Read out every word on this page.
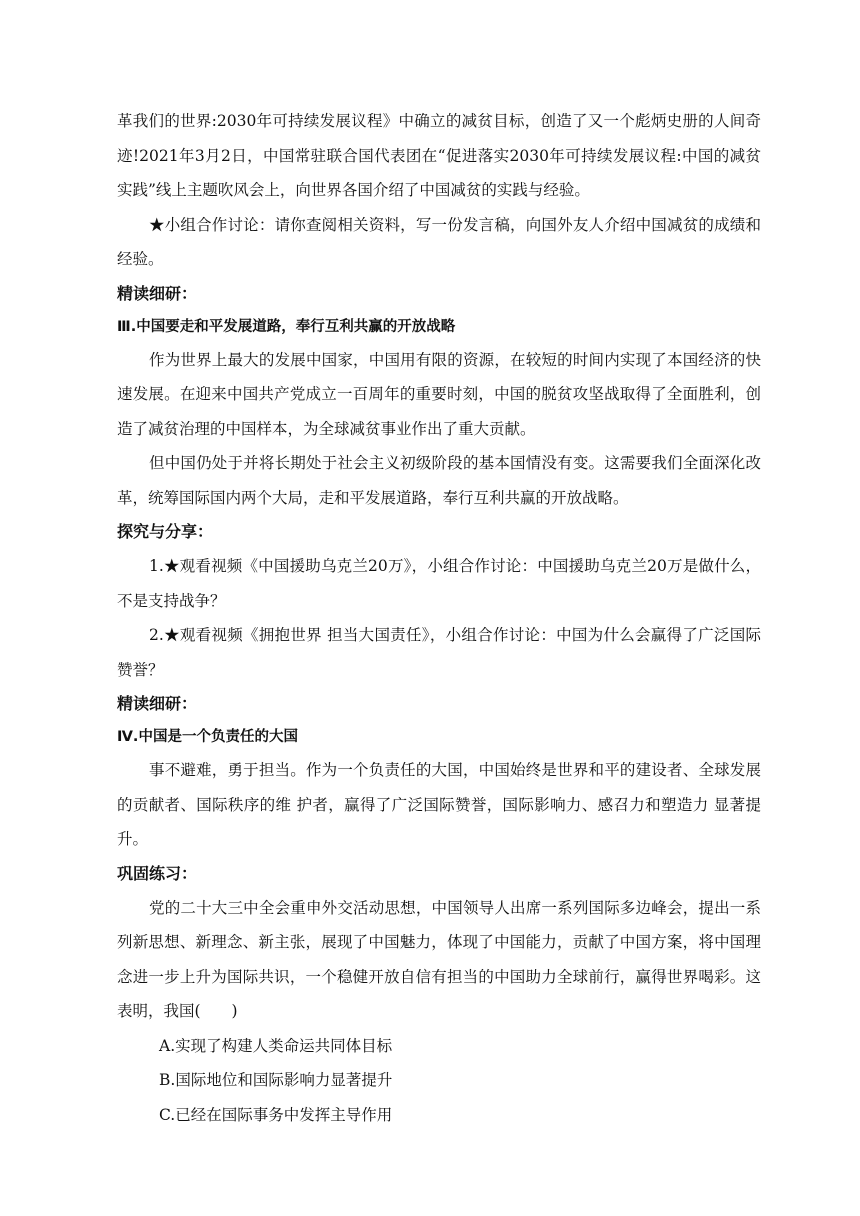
革我们的世界:2030年可持续发展议程》中确立的减贫目标，创造了又一个彪炳史册的人间奇迹!2021年3月2日，中国常驻联合国代表团在“促进落实2030年可持续发展议程:中国的减贫实践”线上主题吹风会上，向世界各国介绍了中国减贫的实践与经验。

★小组合作讨论：请你查阅相关资料，写一份发言稿，向国外友人介绍中国减贫的成绩和经验。

精读细研：

Ⅲ.中国要走和平发展道路，奉行互利共赢的开放战略

作为世界上最大的发展中国家，中国用有限的资源，在较短的时间内实现了本国经济的快速发展。在迎来中国共产党成立一百周年的重要时刻，中国的脱贫攻坚战取得了全面胜利，创造了减贫治理的中国样本，为全球减贫事业作出了重大贡献。

但中国仍处于并将长期处于社会主义初级阶段的基本国情没有变。这需要我们全面深化改革，统筹国际国内两个大局，走和平发展道路，奉行互利共赢的开放战略。

探究与分享：

1.★观看视频《中国援助乌克兰20万》，小组合作讨论：中国援助乌克兰20万是做什么，不是支持战争？

2.★观看视频《拥抱世界 担当大国责任》，小组合作讨论：中国为什么会赢得了广泛国际赞誉？

精读细研：

Ⅳ.中国是一个负责任的大国

事不避难，勇于担当。作为一个负责任的大国，中国始终是世界和平的建设者、全球发展的贡献者、国际秩序的维 护者，赢得了广泛国际赞誉，国际影响力、感召力和塑造力 显著提升。

巩固练习：

党的二十大三中全会重申外交活动思想，中国领导人出席一系列国际多边峰会，提出一系列新思想、新理念、新主张，展现了中国魅力，体现了中国能力，贡献了中国方案，将中国理念进一步上升为国际共识，一个稳健开放自信有担当的中国助力全球前行，赢得世界喝彩。这表明，我国(　　)

A.实现了构建人类命运共同体目标

B.国际地位和国际影响力显著提升

C.已经在国际事务中发挥主导作用
